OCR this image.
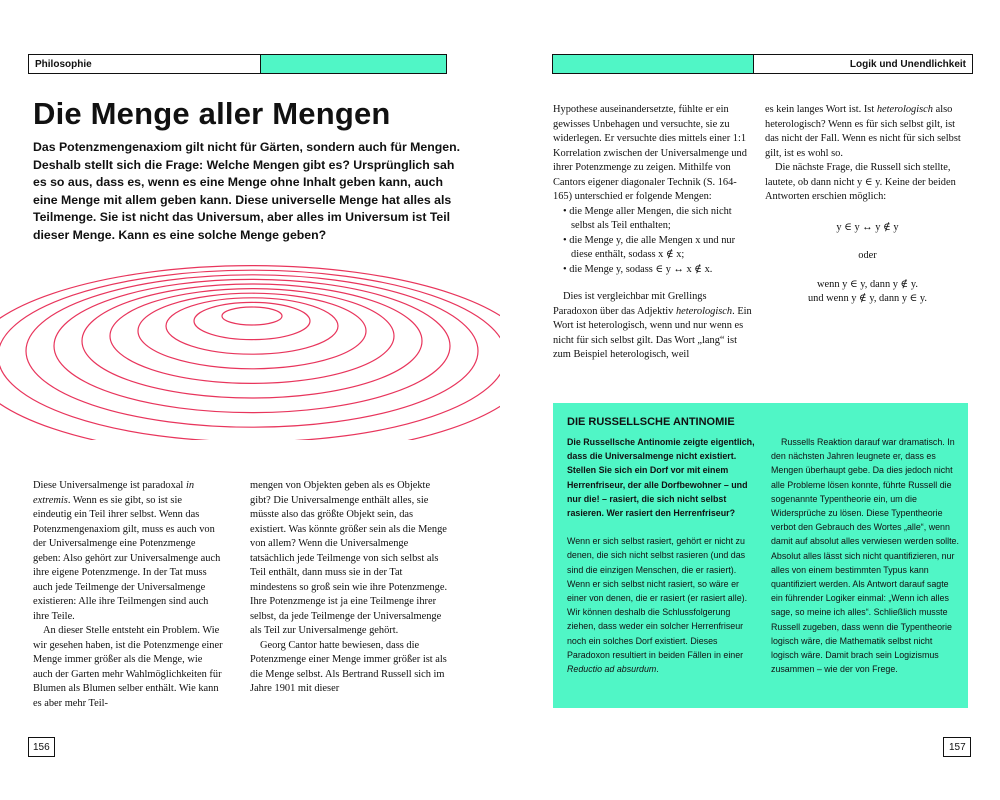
Philosophie	Logik und Unendlichkeit
Die Menge aller Mengen

Das Potenzmengenaxiom gilt nicht für Gärten, sondern auch für Mengen. Deshalb stellt sich die Frage: Welche Mengen gibt es? Ursprünglich sah es so aus, dass es, wenn es eine Menge ohne Inhalt geben kann, auch eine Menge mit allem geben kann. Diese universelle Menge hat alles als Teilmenge. Sie ist nicht das Universum, aber alles im Universum ist Teil dieser Menge. Kann es eine solche Menge geben?

Diese Universalmenge ist paradoxal in extremis. Wenn es sie gibt, so ist sie eindeutig ein Teil ihrer selbst. Wenn das Potenzmengenaxiom gilt, muss es auch von der Universalmenge eine Potenzmenge geben: Also gehört zur Universalmenge auch ihre eigene Potenzmenge. In der Tat muss auch jede Teilmenge der Universalmenge existieren: Alle ihre Teilmengen sind auch ihre Teile.

An dieser Stelle entsteht ein Problem. Wie wir gesehen haben, ist die Potenzmenge einer Menge immer größer als die Menge, wie auch der Garten mehr Wahlmöglichkeiten für Blumen als Blumen selber enthält. Wie kann es aber mehr Teil-

mengen von Objekten geben als es Objekte gibt? Die Universalmenge enthält alles, sie müsste also das größte Objekt sein, das existiert. Was könnte größer sein als die Menge von allem? Wenn die Universalmenge tatsächlich jede Teilmenge von sich selbst als Teil enthält, dann muss sie in der Tat mindestens so groß sein wie ihre Potenzmenge. Ihre Potenzmenge ist ja eine Teilmenge ihrer selbst, da jede Teilmenge der Universalmenge als Teil zur Universalmenge gehört.

Georg Cantor hatte bewiesen, dass die Potenzmenge einer Menge immer größer ist als die Menge selbst. Als Bertrand Russell sich im Jahre 1901 mit dieser

Hypothese auseinandersetzte, fühlte er ein gewisses Unbehagen und versuchte, sie zu widerlegen. Er versuchte dies mittels einer 1:1 Korrelation zwischen der Universalmenge und ihrer Potenzmenge zu zeigen. Mithilfe von Cantors eigener diagonaler Technik (S. 164-165) unterschied er folgende Mengen:

• die Menge aller Mengen, die sich nicht selbst als Teil enthalten;
• die Menge y, die alle Mengen x und nur diese enthält, sodass x ∉ x;
• die Menge y, sodass ∈ y ↔ x ∉ x.

Dies ist vergleichbar mit Grellings Paradoxon über das Adjektiv heterologisch. Ein Wort ist heterologisch, wenn und nur wenn es nicht für sich selbst gilt. Das Wort „lang“ ist zum Beispiel heterologisch, weil

es kein langes Wort ist. Ist heterologisch also heterologisch? Wenn es für sich selbst gilt, ist das nicht der Fall. Wenn es nicht für sich selbst gilt, ist es wohl so.

Die nächste Frage, die Russell sich stellte, lautete, ob dann nicht y ∈ y. Keine der beiden Antworten erschien möglich:

y ∈ y ↔ y ∉ y

oder

wenn y ∈ y, dann y ∉ y.

und wenn y ∉ y, dann y ∈ y.

DIE RUSSELLSCHE ANTINOMIE

Die Russellsche Antinomie zeigte eigentlich, dass die Universalmenge nicht existiert. Stellen Sie sich ein Dorf vor mit einem Herrenfriseur, der alle Dorfbewohner – und nur die! – rasiert, die sich nicht selbst rasieren. Wer rasiert den Herrenfriseur?

Wenn er sich selbst rasiert, gehört er nicht zu denen, die sich nicht selbst rasieren (und das sind die einzigen Menschen, die er rasiert). Wenn er sich selbst nicht rasiert, so wäre er einer von denen, die er rasiert (er rasiert alle). Wir können deshalb die Schlussfolgerung ziehen, dass weder ein solcher Herrenfriseur noch ein solches Dorf existiert. Dieses Paradoxon resultiert in beiden Fällen in einer Reductio ad absurdum.

Russells Reaktion darauf war dramatisch. In den nächsten Jahren leugnete er, dass es Mengen überhaupt gebe. Da dies jedoch nicht alle Probleme lösen konnte, führte Russell die sogenannte Typentheorie ein, um die Widersprüche zu lösen. Diese Typentheorie verbot den Gebrauch des Wortes „alle“, wenn damit auf absolut alles verwiesen werden sollte. Absolut alles lässt sich nicht quantifizieren, nur alles von einem bestimmten Typus kann quantifiziert werden. Als Antwort darauf sagte ein führender Logiker einmal: „Wenn ich alles sage, so meine ich alles“. Schließlich musste Russell zugeben, dass wenn die Typentheorie logisch wäre, die Mathematik selbst nicht logisch wäre. Damit brach sein Logizismus zusammen – wie der von Frege.

156	157
